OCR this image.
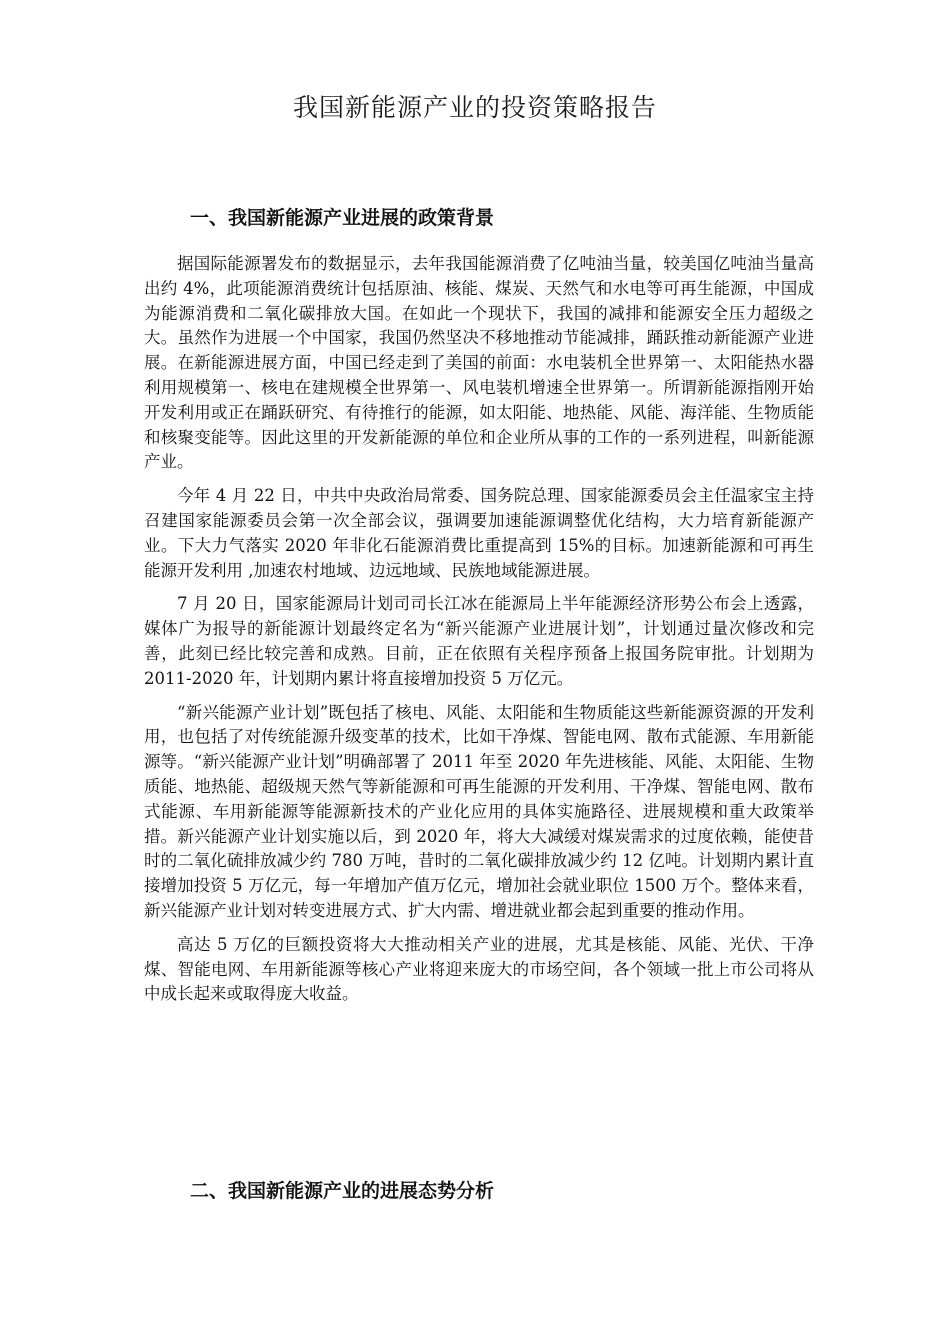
我国新能源产业的投资策略报告
一、我国新能源产业进展的政策背景

据国际能源署发布的数据显示，去年我国能源消费了亿吨油当量，较美国亿吨油当量高出约 4%，此项能源消费统计包括原油、核能、煤炭、天然气和水电等可再生能源，中国成为能源消费和二氧化碳排放大国。在如此一个现状下，我国的减排和能源安全压力超级之大。虽然作为进展一个中国家，我国仍然坚决不移地推动节能减排，踊跃推动新能源产业进展。在新能源进展方面，中国已经走到了美国的前面：水电装机全世界第一、太阳能热水器利用规模第一、核电在建规模全世界第一、风电装机增速全世界第一。所谓新能源指刚开始开发利用或正在踊跃研究、有待推行的能源，如太阳能、地热能、风能、海洋能、生物质能和核聚变能等。因此这里的开发新能源的单位和企业所从事的工作的一系列进程，叫新能源产业。

今年 4 月 22 日，中共中央政治局常委、国务院总理、国家能源委员会主任温家宝主持召建国家能源委员会第一次全部会议，强调要加速能源调整优化结构，大力培育新能源产业。下大力气落实 2020 年非化石能源消费比重提高到 15%的目标。加速新能源和可再生能源开发利用 ,加速农村地域、边远地域、民族地域能源进展。

7 月 20 日，国家能源局计划司司长江冰在能源局上半年能源经济形势公布会上透露，媒体广为报导的新能源计划最终定名为“新兴能源产业进展计划”，计划通过量次修改和完善，此刻已经比较完善和成熟。目前，正在依照有关程序预备上报国务院审批。计划期为 2011-2020 年，计划期内累计将直接增加投资 5 万亿元。

“新兴能源产业计划”既包括了核电、风能、太阳能和生物质能这些新能源资源的开发利用，也包括了对传统能源升级变革的技术，比如干净煤、智能电网、散布式能源、车用新能源等。“新兴能源产业计划”明确部署了 2011 年至 2020 年先进核能、风能、太阳能、生物质能、地热能、超级规天然气等新能源和可再生能源的开发利用、干净煤、智能电网、散布式能源、车用新能源等能源新技术的产业化应用的具体实施路径、进展规模和重大政策举措。新兴能源产业计划实施以后，到 2020 年，将大大减缓对煤炭需求的过度依赖，能使昔时的二氧化硫排放减少约 780 万吨，昔时的二氧化碳排放减少约 12 亿吨。计划期内累计直接增加投资 5 万亿元，每一年增加产值万亿元，增加社会就业职位 1500 万个。整体来看，新兴能源产业计划对转变进展方式、扩大内需、增进就业都会起到重要的推动作用。

高达 5 万亿的巨额投资将大大推动相关产业的进展，尤其是核能、风能、光伏、干净煤、智能电网、车用新能源等核心产业将迎来庞大的市场空间，各个领域一批上市公司将从中成长起来或取得庞大收益。

二、我国新能源产业的进展态势分析
